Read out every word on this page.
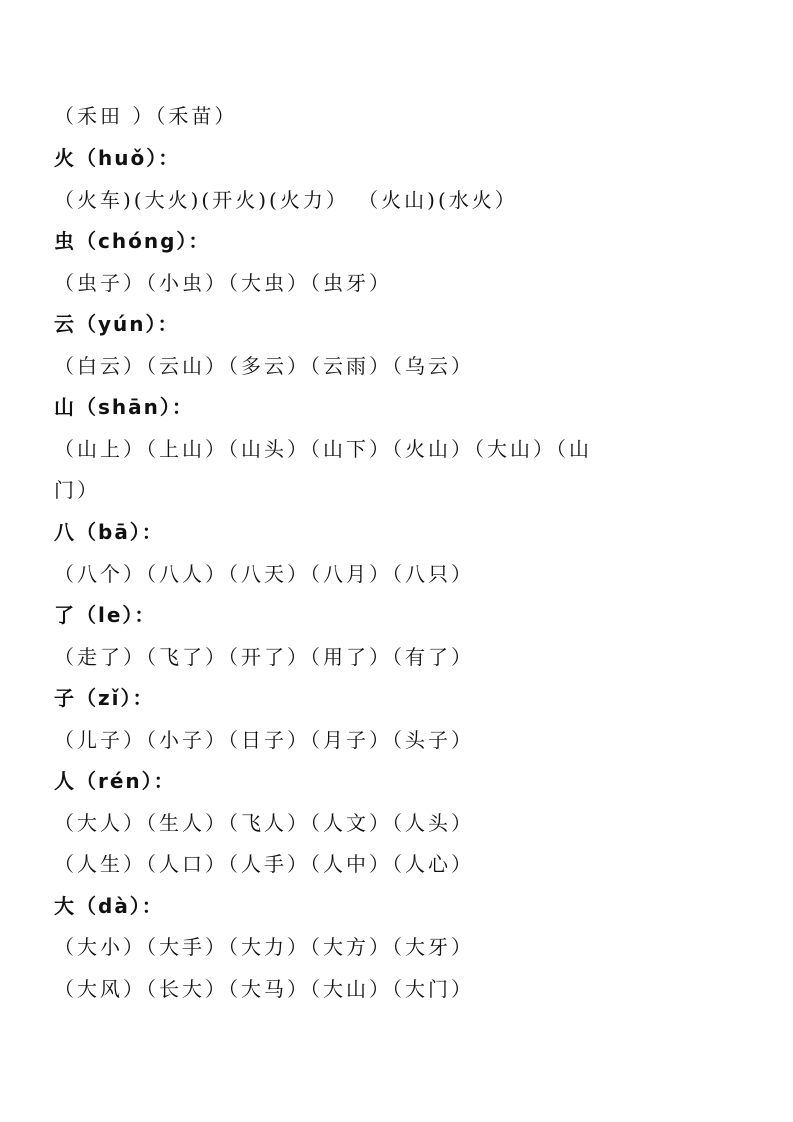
（禾田 ）（禾苗）
火（huǒ）：
（火车)(大火)(开火)(火力） （火山)(水火）
虫（chóng）：
（虫子）（小虫）（大虫）（虫牙）
云（yún）：
（白云）（云山）（多云）（云雨）（乌云）
山（shān）：
（山上）（上山）（山头）（山下）（火山）（大山）（山
门）
八（bā）：
（八个）（八人）（八天）（八月）（八只）
了（le）：
（走了）（飞了）（开了）（用了）（有了）
子（zǐ）：
（儿子）（小子）（日子）（月子）（头子）
人（rén）：
（大人）（生人）（飞人）（人文）（人头）
（人生）（人口）（人手）（人中）（人心）
大（dà）：
（大小）（大手）（大力）（大方）（大牙）
（大风）（长大）（大马）（大山）（大门）
